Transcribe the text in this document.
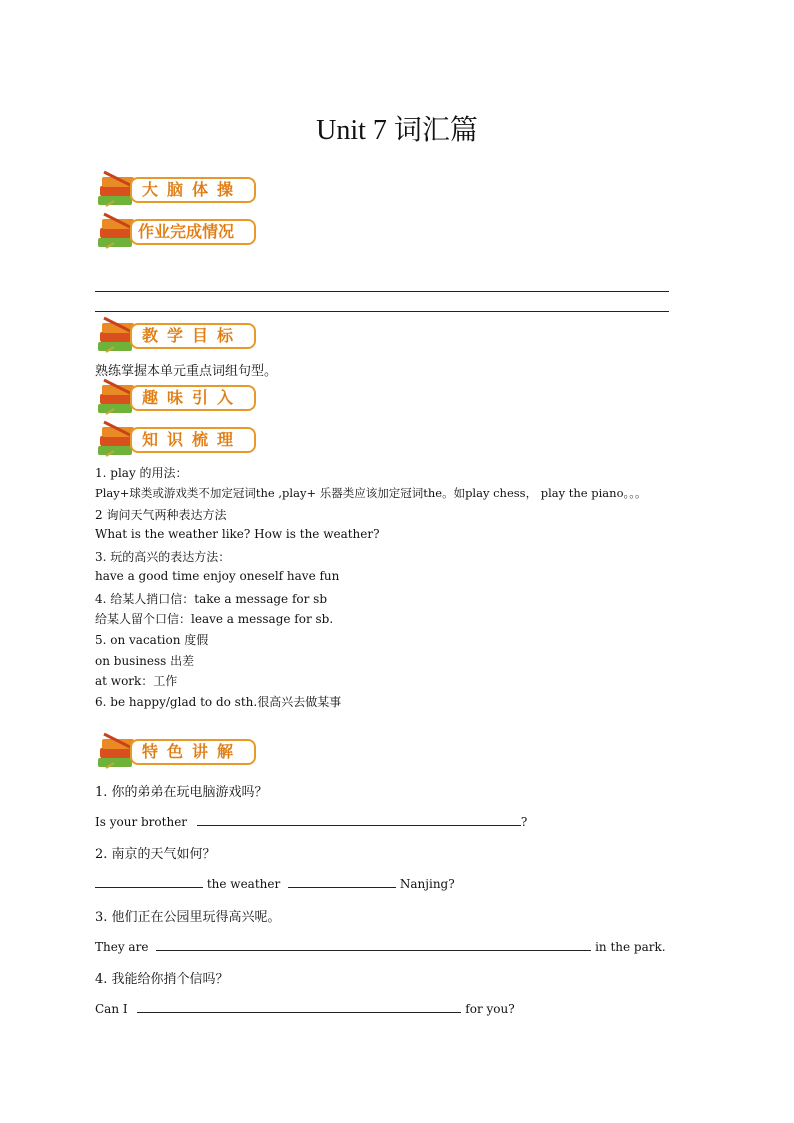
Unit 7 词汇篇
大脑体操
作业完成情况
教学目标
熟练掌握本单元重点词组句型。
趣味引入
知识梳理
1. play 的用法：
Play+球类或游戏类不加定冠词the ,play+ 乐器类应该加定冠词the。如play chess， play the piano。。。
2 询问天气两种表达方法
What is the weather like? How is the weather?
3. 玩的高兴的表达方法：
have a good time enjoy oneself have fun
4. 给某人捎口信：take a message for sb
给某人留个口信：leave a message for sb.
5. on vacation 度假
on business 出差
at work：工作
6. be happy/glad to do sth.很高兴去做某事
特色讲解
1. 你的弟弟在玩电脑游戏吗？
Is your brother	?
2. 南京的天气如何？
the weather	Nanjing?
3. 他们正在公园里玩得高兴呢。
They are	in the park.
4. 我能给你捎个信吗？
Can I	for you?
